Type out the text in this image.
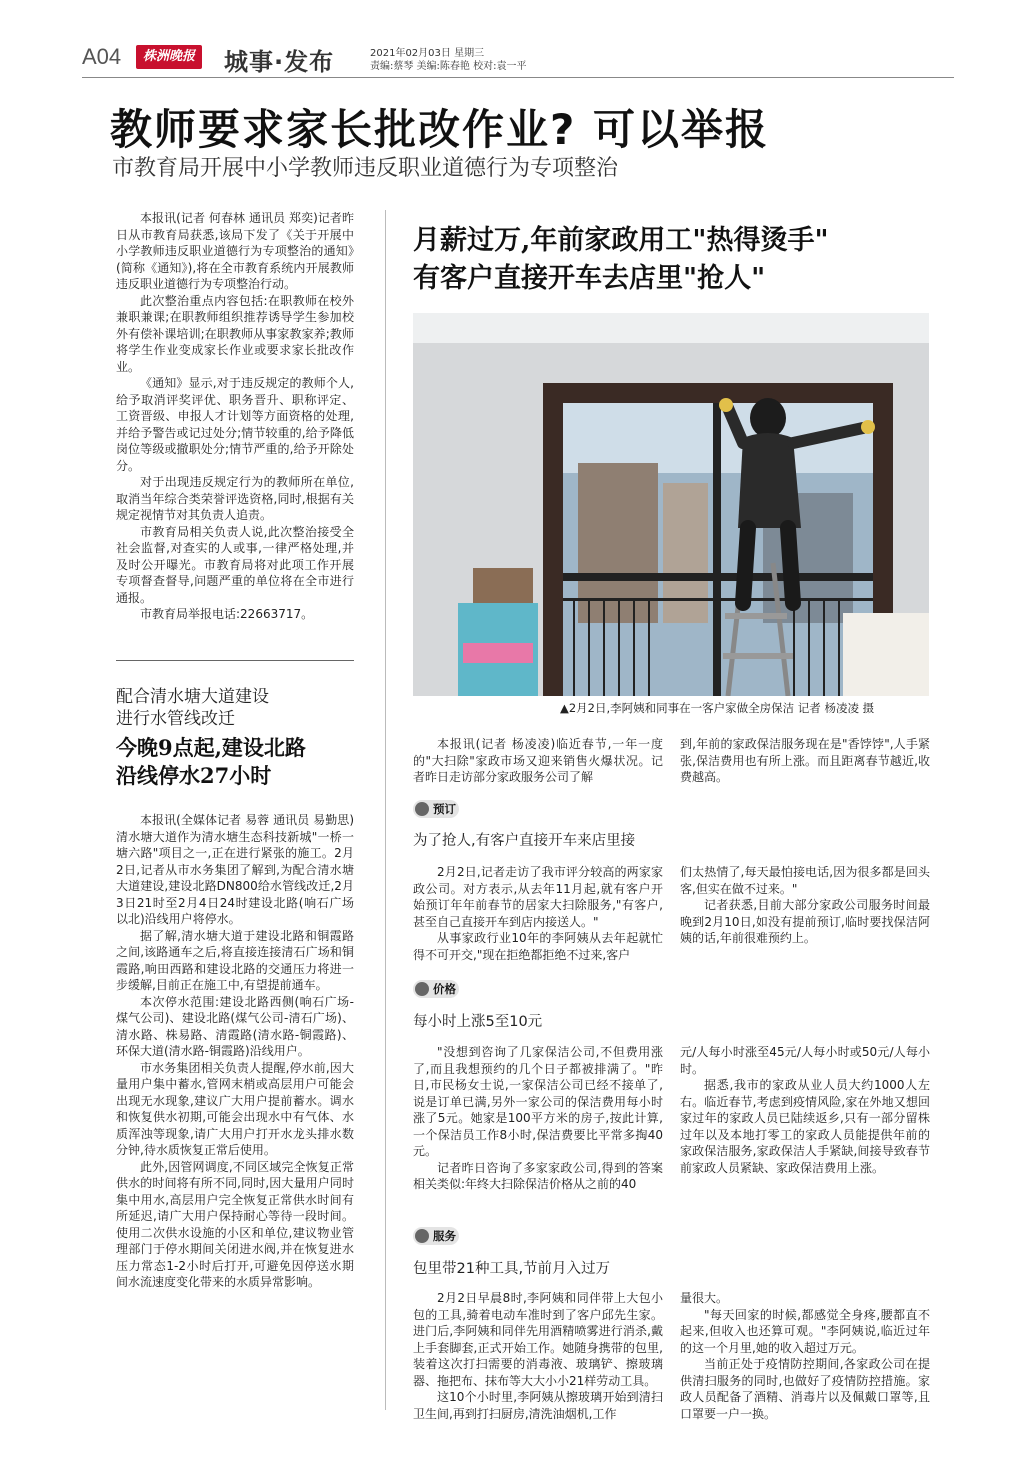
A04	株洲晚报 城事·发布	2021年02月03日 星期三
责编:蔡琴 美编:陈春艳 校对:袁一平
教师要求家长批改作业? 可以举报
市教育局开展中小学教师违反职业道德行为专项整治

本报讯(记者 何春林 通讯员 郑奕)记者昨日从市教育局获悉,该局下发了《关于开展中小学教师违反职业道德行为专项整治的通知》(简称《通知》),将在全市教育系统内开展教师违反职业道德行为专项整治行动。

此次整治重点内容包括:在职教师在校外兼职兼课;在职教师组织推荐诱导学生参加校外有偿补课培训;在职教师从事家教家养;教师将学生作业变成家长作业或要求家长批改作业。

《通知》显示,对于违反规定的教师个人,给予取消评奖评优、职务晋升、职称评定、工资晋级、申报人才计划等方面资格的处理,并给予警告或记过处分;情节较重的,给予降低岗位等级或撤职处分;情节严重的,给予开除处分。

对于出现违反规定行为的教师所在单位,取消当年综合类荣誉评选资格,同时,根据有关规定视情节对其负责人追责。

市教育局相关负责人说,此次整治接受全社会监督,对查实的人或事,一律严格处理,并及时公开曝光。市教育局将对此项工作开展专项督查督导,问题严重的单位将在全市进行通报。

市教育局举报电话:22663717。

配合清水塘大道建设
进行水管线改迁
今晚9点起,建设北路
沿线停水27小时

本报讯(全媒体记者 易蓉 通讯员 易勤思)清水塘大道作为清水塘生态科技新城"一桥一塘六路"项目之一,正在进行紧张的施工。2月2日,记者从市水务集团了解到,为配合清水塘大道建设,建设北路DN800给水管线改迁,2月3日21时至2月4日24时建设北路(响石广场以北)沿线用户将停水。

据了解,清水塘大道于建设北路和铜霞路之间,该路通车之后,将直接连接清石广场和铜霞路,响田西路和建设北路的交通压力将进一步缓解,目前正在施工中,有望提前通车。

本次停水范围:建设北路西侧(响石广场-煤气公司)、建设北路(煤气公司-清石广场)、清水路、株易路、清霞路(清水路-铜霞路)、环保大道(清水路-铜霞路)沿线用户。

市水务集团相关负责人提醒,停水前,因大量用户集中蓄水,管网末梢或高层用户可能会出现无水现象,建议广大用户提前蓄水。调水和恢复供水初期,可能会出现水中有气体、水质浑浊等现象,请广大用户打开水龙头排水数分钟,待水质恢复正常后使用。

此外,因管网调度,不同区域完全恢复正常供水的时间将有所不同,同时,因大量用户同时集中用水,高层用户完全恢复正常供水时间有所延迟,请广大用户保持耐心等待一段时间。使用二次供水设施的小区和单位,建议物业管理部门于停水期间关闭进水阀,并在恢复进水压力常态1-2小时后打开,可避免因停送水期间水流速度变化带来的水质异常影响。

月薪过万,年前家政用工"热得烫手"
有客户直接开车去店里"抢人"
▲2月2日,李阿姨和同事在一客户家做全房保洁 记者 杨凌凌 摄

本报讯(记者 杨凌凌)临近春节,一年一度的"大扫除"家政市场又迎来销售火爆状况。记者昨日走访部分家政服务公司了解

到,年前的家政保洁服务现在是"香饽饽",人手紧张,保洁费用也有所上涨。而且距离春节越近,收费越高。

预订
为了抢人,有客户直接开车来店里接

2月2日,记者走访了我市评分较高的两家家政公司。对方表示,从去年11月起,就有客户开始预订年年前春节的居家大扫除服务,"有客户,甚至自己直接开车到店内接送人。"

从事家政行业10年的李阿姨从去年起就忙得不可开交,"现在拒绝都拒绝不过来,客户

们太热情了,每天最怕接电话,因为很多都是回头客,但实在做不过来。"

记者获悉,目前大部分家政公司服务时间最晚到2月10日,如没有提前预订,临时要找保洁阿姨的话,年前很难预约上。

价格
每小时上涨5至10元

"没想到咨询了几家保洁公司,不但费用涨了,而且我想预约的几个日子都被排满了。"昨日,市民杨女士说,一家保洁公司已经不接单了,说是订单已满,另外一家公司的保洁费用每小时涨了5元。她家是100平方米的房子,按此计算,一个保洁员工作8小时,保洁费要比平常多掏40元。

记者昨日咨询了多家家政公司,得到的答案相关类似:年终大扫除保洁价格从之前的40

元/人每小时涨至45元/人每小时或50元/人每小时。

据悉,我市的家政从业人员大约1000人左右。临近春节,考虑到疫情风险,家在外地又想回家过年的家政人员已陆续返乡,只有一部分留株过年以及本地打零工的家政人员能提供年前的家政保洁服务,家政保洁人手紧缺,间接导致春节前家政人员紧缺、家政保洁费用上涨。

服务
包里带21种工具,节前月入过万

2月2日早晨8时,李阿姨和同伴带上大包小包的工具,骑着电动车准时到了客户邱先生家。进门后,李阿姨和同伴先用酒精喷雾进行消杀,戴上手套脚套,正式开始工作。她随身携带的包里,装着这次打扫需要的消毒液、玻璃铲、擦玻璃器、拖把布、抹布等大大小小21样劳动工具。

这10个小时里,李阿姨从擦玻璃开始到清扫卫生间,再到打扫厨房,清洗油烟机,工作

量很大。

"每天回家的时候,都感觉全身疼,腰都直不起来,但收入也还算可观。"李阿姨说,临近过年的这一个月里,她的收入超过万元。

当前正处于疫情防控期间,各家政公司在提供清扫服务的同时,也做好了疫情防控措施。家政人员配备了酒精、消毒片以及佩戴口罩等,且口罩要一户一换。
